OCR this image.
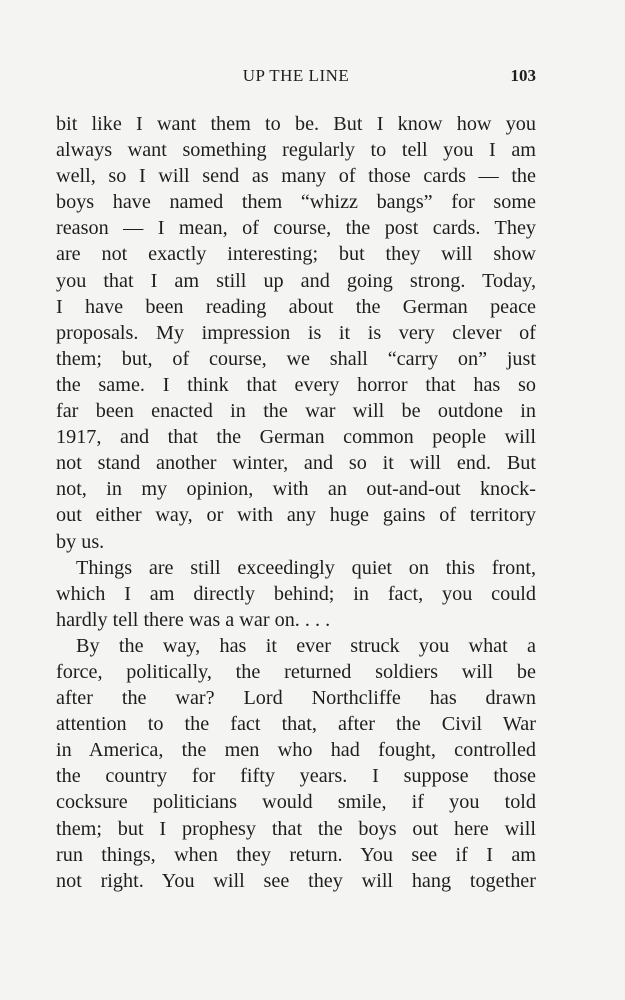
UP THE LINE	103
bit like I want them to be. But I know how you
always want something regularly to tell you I am
well, so I will send as many of those cards — the
boys have named them “whizz bangs” for some
reason — I mean, of course, the post cards. They
are not exactly interesting; but they will show
you that I am still up and going strong. Today,
I have been reading about the German peace
proposals. My impression is it is very clever of
them; but, of course, we shall “carry on” just
the same. I think that every horror that has so
far been enacted in the war will be outdone in
1917, and that the German common people will
not stand another winter, and so it will end. But
not, in my opinion, with an out-and-out knock-
out either way, or with any huge gains of territory
by us.
Things are still exceedingly quiet on this front,
which I am directly behind; in fact, you could
hardly tell there was a war on. . . .
By the way, has it ever struck you what a
force, politically, the returned soldiers will be
after the war? Lord Northcliffe has drawn
attention to the fact that, after the Civil War
in America, the men who had fought, controlled
the country for fifty years. I suppose those
cocksure politicians would smile, if you told
them; but I prophesy that the boys out here will
run things, when they return. You see if I am
not right. You will see they will hang together
